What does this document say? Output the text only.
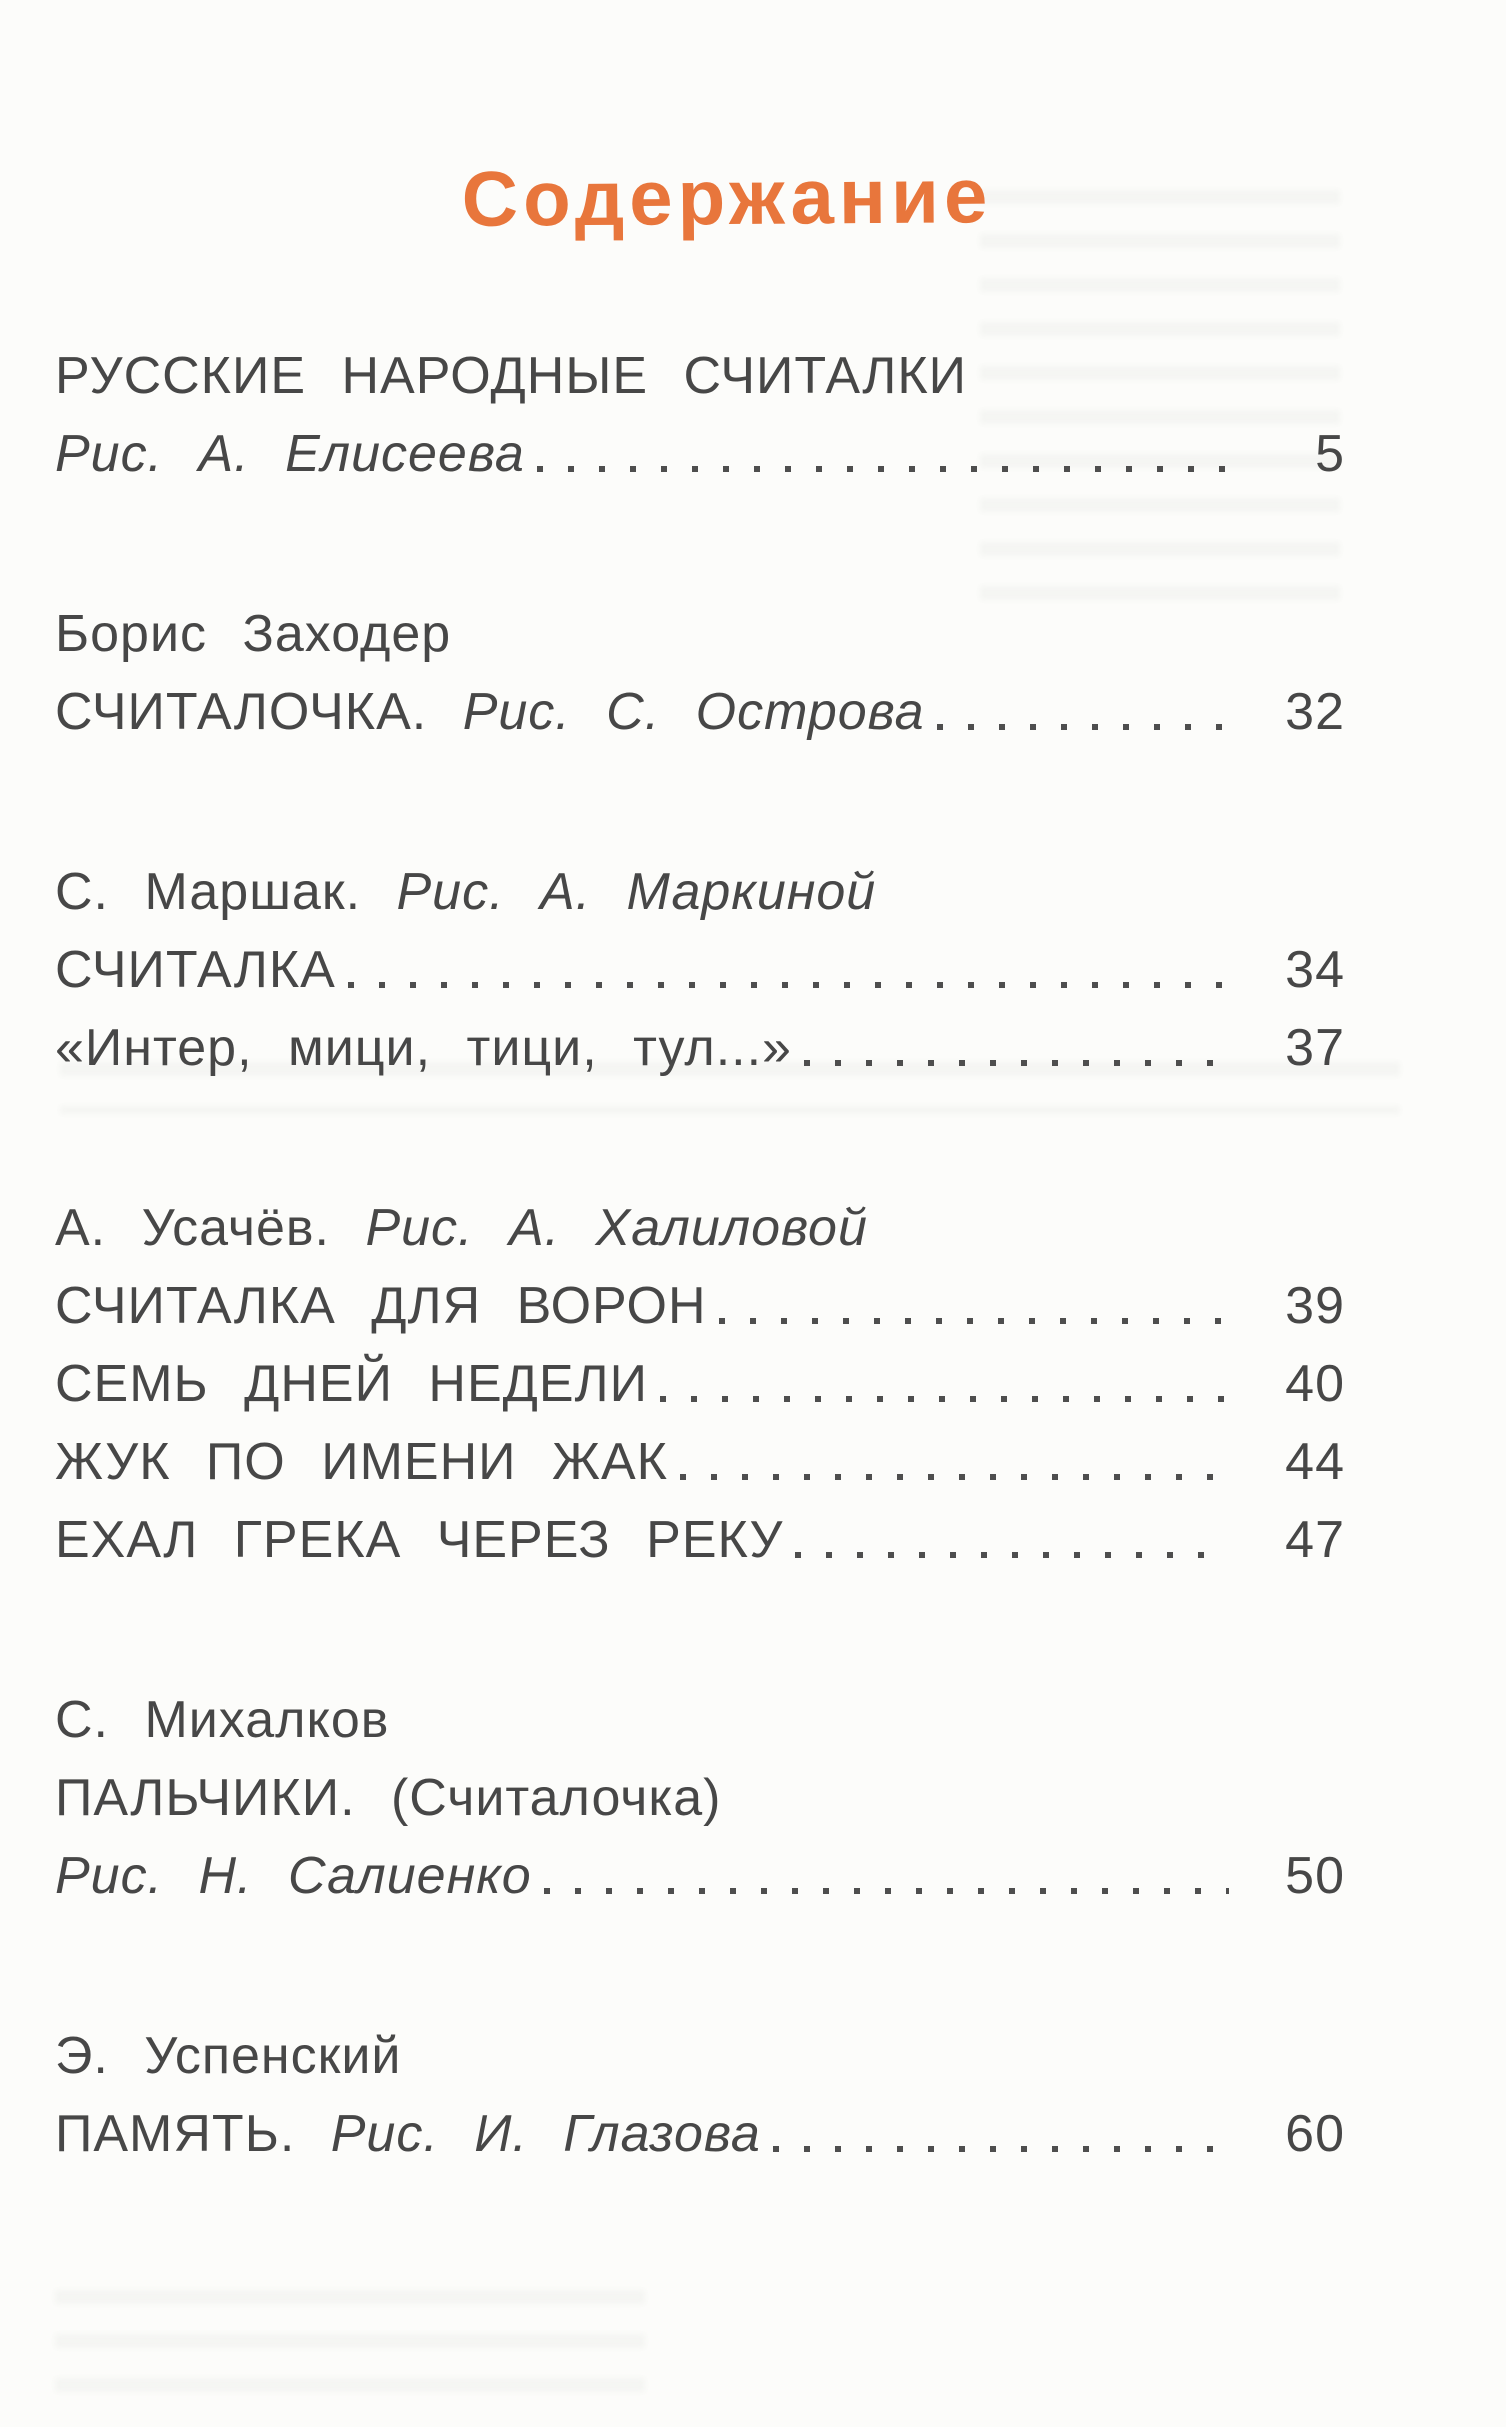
Содержание
РУССКИЕ НАРОДНЫЕ СЧИТАЛКИ
Рис. А. Елисеева	5
Борис Заходер
СЧИТАЛОЧКА. Рис. С. Острова	32
С. Маршак. Рис. А. Маркиной
СЧИТАЛКА	34
«Интер, мици, тици, тул...»	37
А. Усачёв. Рис. А. Халиловой
СЧИТАЛКА ДЛЯ ВОРОН	39
СЕМЬ ДНЕЙ НЕДЕЛИ	40
ЖУК ПО ИМЕНИ ЖАК	44
ЕХАЛ ГРЕКА ЧЕРЕЗ РЕКУ	47
С. Михалков
ПАЛЬЧИКИ. (Считалочка)
Рис. Н. Салиенко	50
Э. Успенский
ПАМЯТЬ. Рис. И. Глазова	60
